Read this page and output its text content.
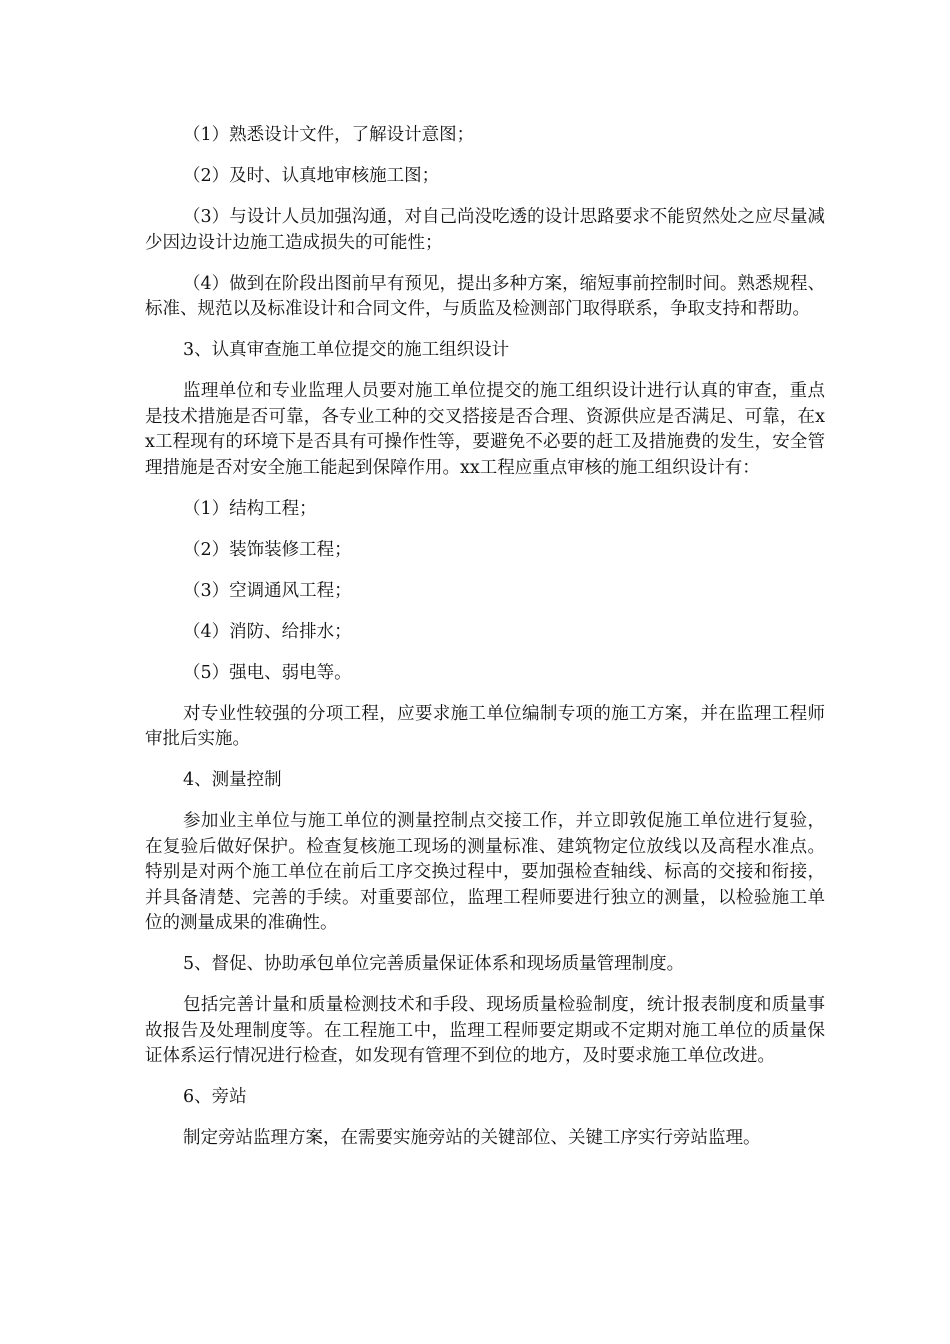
（1）熟悉设计文件，了解设计意图；

（2）及时、认真地审核施工图；

（3）与设计人员加强沟通，对自己尚没吃透的设计思路要求不能贸然处之应尽量减少因边设计边施工造成损失的可能性；

（4）做到在阶段出图前早有预见，提出多种方案，缩短事前控制时间。熟悉规程、标准、规范以及标准设计和合同文件，与质监及检测部门取得联系，争取支持和帮助。

3、认真审查施工单位提交的施工组织设计

监理单位和专业监理人员要对施工单位提交的施工组织设计进行认真的审查，重点是技术措施是否可靠，各专业工种的交叉搭接是否合理、资源供应是否满足、可靠，在xx工程现有的环境下是否具有可操作性等，要避免不必要的赶工及措施费的发生，安全管理措施是否对安全施工能起到保障作用。xx工程应重点审核的施工组织设计有：

（1）结构工程；

（2）装饰装修工程；

（3）空调通风工程；

（4）消防、给排水；

（5）强电、弱电等。

对专业性较强的分项工程，应要求施工单位编制专项的施工方案，并在监理工程师审批后实施。

4、测量控制

参加业主单位与施工单位的测量控制点交接工作，并立即敦促施工单位进行复验，在复验后做好保护。检查复核施工现场的测量标准、建筑物定位放线以及高程水准点。特别是对两个施工单位在前后工序交换过程中，要加强检查轴线、标高的交接和衔接，并具备清楚、完善的手续。对重要部位，监理工程师要进行独立的测量，以检验施工单位的测量成果的准确性。

5、督促、协助承包单位完善质量保证体系和现场质量管理制度。

包括完善计量和质量检测技术和手段、现场质量检验制度，统计报表制度和质量事故报告及处理制度等。在工程施工中，监理工程师要定期或不定期对施工单位的质量保证体系运行情况进行检查，如发现有管理不到位的地方，及时要求施工单位改进。

6、旁站

制定旁站监理方案，在需要实施旁站的关键部位、关键工序实行旁站监理。
